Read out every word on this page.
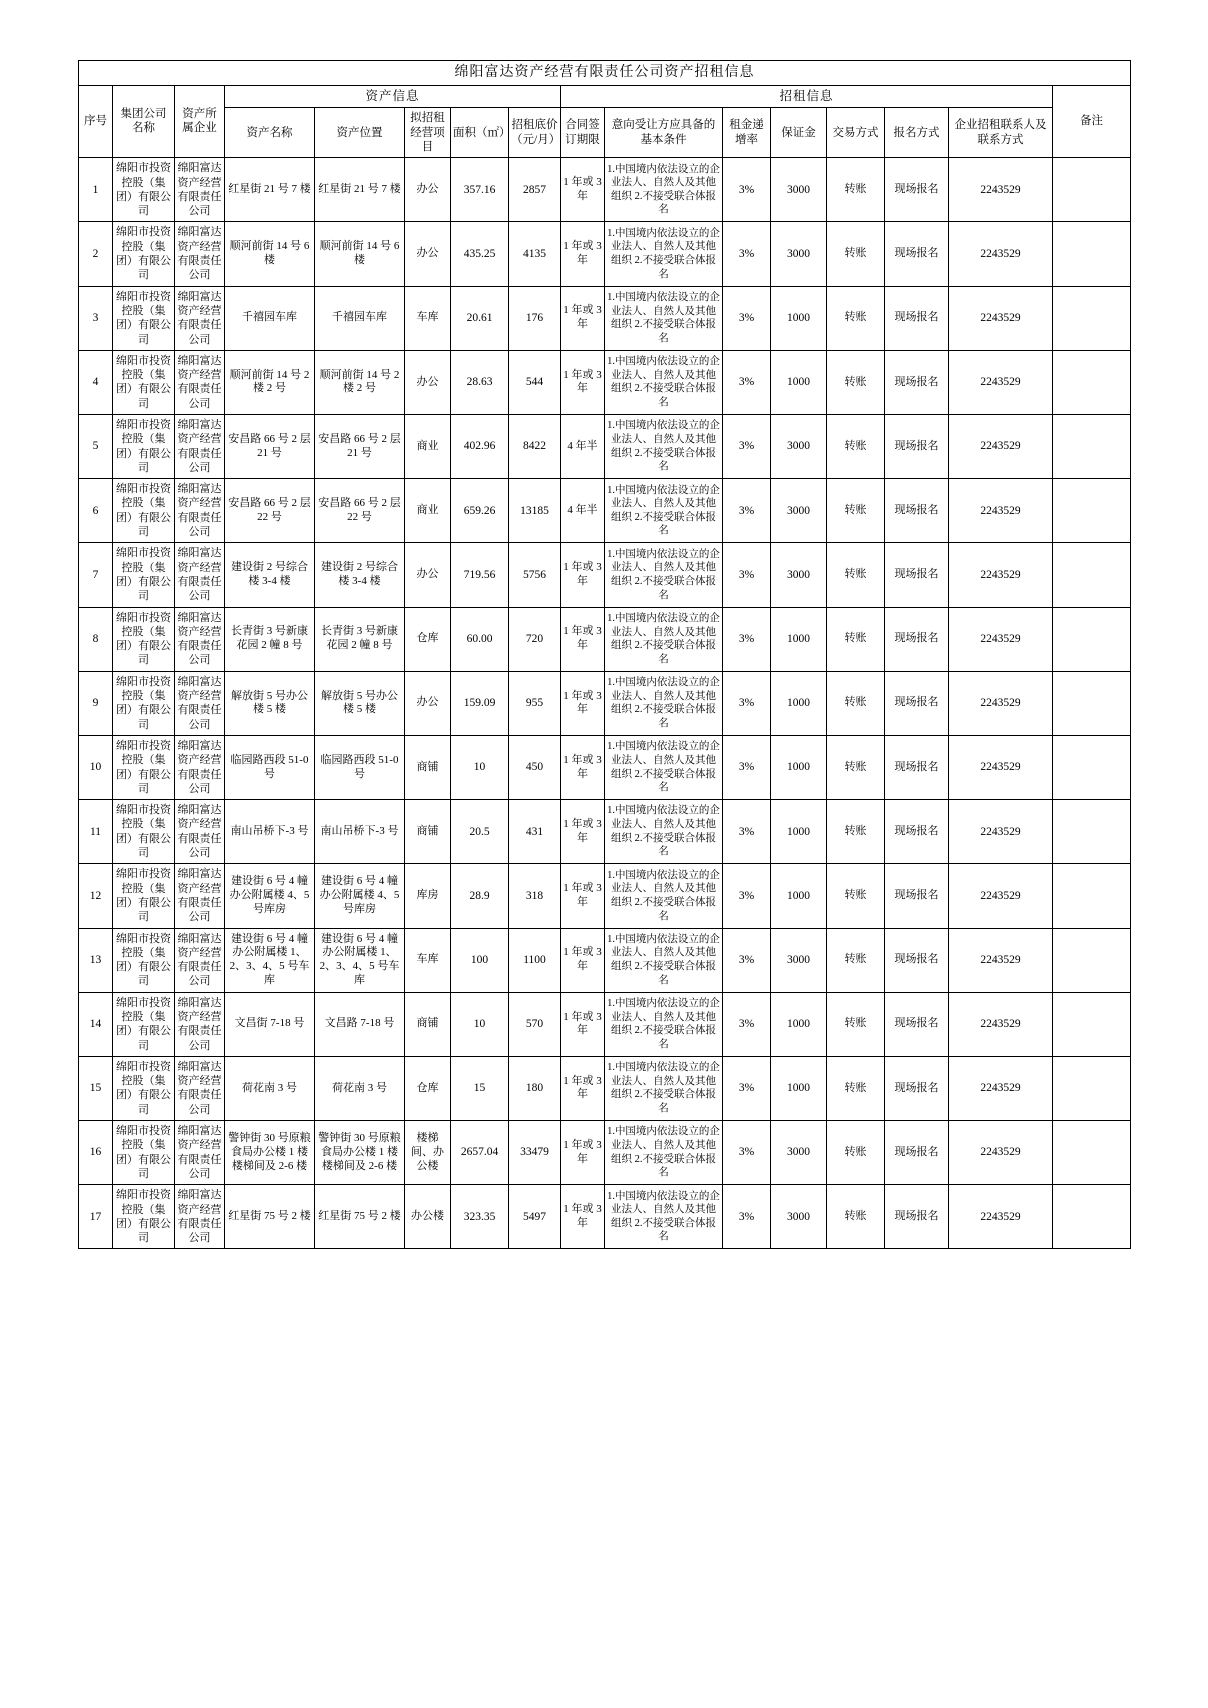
绵阳富达资产经营有限责任公司资产招租信息															
序号	集团公司名称	资产所属企业	资产信息					招租信息							备注
			资产名称	资产位置	拟招租经营项目	面积（㎡）	招租底价（元/月）	合同签订期限	意向受让方应具备的基本条件	租金递增率	保证金	交易方式	报名方式	企业招租联系人及联系方式	
1	绵阳市投资控股（集团）有限公司	绵阳富达资产经营有限责任公司	红星街 21 号 7 楼	红星街 21 号 7 楼	办公	357.16	2857	1 年或 3 年	1.中国境内依法设立的企业法人、自然人及其他组织 2.不接受联合体报名	3%	3000	转账	现场报名	2243529	
2	绵阳市投资控股（集团）有限公司	绵阳富达资产经营有限责任公司	顺河前街 14 号 6 楼	顺河前街 14 号 6 楼	办公	435.25	4135	1 年或 3 年	1.中国境内依法设立的企业法人、自然人及其他组织 2.不接受联合体报名	3%	3000	转账	现场报名	2243529	
3	绵阳市投资控股（集团）有限公司	绵阳富达资产经营有限责任公司	千禧园车库	千禧园车库	车库	20.61	176	1 年或 3 年	1.中国境内依法设立的企业法人、自然人及其他组织 2.不接受联合体报名	3%	1000	转账	现场报名	2243529	
4	绵阳市投资控股（集团）有限公司	绵阳富达资产经营有限责任公司	顺河前街 14 号 2 楼 2 号	顺河前街 14 号 2 楼 2 号	办公	28.63	544	1 年或 3 年	1.中国境内依法设立的企业法人、自然人及其他组织 2.不接受联合体报名	3%	1000	转账	现场报名	2243529	
5	绵阳市投资控股（集团）有限公司	绵阳富达资产经营有限责任公司	安昌路 66 号 2 层 21 号	安昌路 66 号 2 层 21 号	商业	402.96	8422	4 年半	1.中国境内依法设立的企业法人、自然人及其他组织 2.不接受联合体报名	3%	3000	转账	现场报名	2243529	
6	绵阳市投资控股（集团）有限公司	绵阳富达资产经营有限责任公司	安昌路 66 号 2 层 22 号	安昌路 66 号 2 层 22 号	商业	659.26	13185	4 年半	1.中国境内依法设立的企业法人、自然人及其他组织 2.不接受联合体报名	3%	3000	转账	现场报名	2243529	
7	绵阳市投资控股（集团）有限公司	绵阳富达资产经营有限责任公司	建设街 2 号综合楼 3-4 楼	建设街 2 号综合楼 3-4 楼	办公	719.56	5756	1 年或 3 年	1.中国境内依法设立的企业法人、自然人及其他组织 2.不接受联合体报名	3%	3000	转账	现场报名	2243529	
8	绵阳市投资控股（集团）有限公司	绵阳富达资产经营有限责任公司	长青街 3 号新康花园 2 幢 8 号	长青街 3 号新康花园 2 幢 8 号	仓库	60.00	720	1 年或 3 年	1.中国境内依法设立的企业法人、自然人及其他组织 2.不接受联合体报名	3%	1000	转账	现场报名	2243529	
9	绵阳市投资控股（集团）有限公司	绵阳富达资产经营有限责任公司	解放街 5 号办公楼 5 楼	解放街 5 号办公楼 5 楼	办公	159.09	955	1 年或 3 年	1.中国境内依法设立的企业法人、自然人及其他组织 2.不接受联合体报名	3%	1000	转账	现场报名	2243529	
10	绵阳市投资控股（集团）有限公司	绵阳富达资产经营有限责任公司	临园路西段 51-0 号	临园路西段 51-0 号	商铺	10	450	1 年或 3 年	1.中国境内依法设立的企业法人、自然人及其他组织 2.不接受联合体报名	3%	1000	转账	现场报名	2243529	
11	绵阳市投资控股（集团）有限公司	绵阳富达资产经营有限责任公司	南山吊桥下-3 号	南山吊桥下-3 号	商铺	20.5	431	1 年或 3 年	1.中国境内依法设立的企业法人、自然人及其他组织 2.不接受联合体报名	3%	1000	转账	现场报名	2243529	
12	绵阳市投资控股（集团）有限公司	绵阳富达资产经营有限责任公司	建设街 6 号 4 幢办公附属楼 4、5 号库房	建设街 6 号 4 幢办公附属楼 4、5 号库房	库房	28.9	318	1 年或 3 年	1.中国境内依法设立的企业法人、自然人及其他组织 2.不接受联合体报名	3%	1000	转账	现场报名	2243529	
13	绵阳市投资控股（集团）有限公司	绵阳富达资产经营有限责任公司	建设街 6 号 4 幢办公附属楼 1、2、3、4、5 号车库	建设街 6 号 4 幢办公附属楼 1、2、3、4、5 号车库	车库	100	1100	1 年或 3 年	1.中国境内依法设立的企业法人、自然人及其他组织 2.不接受联合体报名	3%	3000	转账	现场报名	2243529	
14	绵阳市投资控股（集团）有限公司	绵阳富达资产经营有限责任公司	文昌街 7-18 号	文昌路 7-18 号	商铺	10	570	1 年或 3 年	1.中国境内依法设立的企业法人、自然人及其他组织 2.不接受联合体报名	3%	1000	转账	现场报名	2243529	
15	绵阳市投资控股（集团）有限公司	绵阳富达资产经营有限责任公司	荷花南 3 号	荷花南 3 号	仓库	15	180	1 年或 3 年	1.中国境内依法设立的企业法人、自然人及其他组织 2.不接受联合体报名	3%	1000	转账	现场报名	2243529	
16	绵阳市投资控股（集团）有限公司	绵阳富达资产经营有限责任公司	警钟街 30 号原粮食局办公楼 1 楼楼梯间及 2-6 楼	警钟街 30 号原粮食局办公楼 1 楼楼梯间及 2-6 楼	楼梯间、办公楼	2657.04	33479	1 年或 3 年	1.中国境内依法设立的企业法人、自然人及其他组织 2.不接受联合体报名	3%	3000	转账	现场报名	2243529	
17	绵阳市投资控股（集团）有限公司	绵阳富达资产经营有限责任公司	红星街 75 号 2 楼	红星街 75 号 2 楼	办公楼	323.35	5497	1 年或 3 年	1.中国境内依法设立的企业法人、自然人及其他组织 2.不接受联合体报名	3%	3000	转账	现场报名	2243529	
